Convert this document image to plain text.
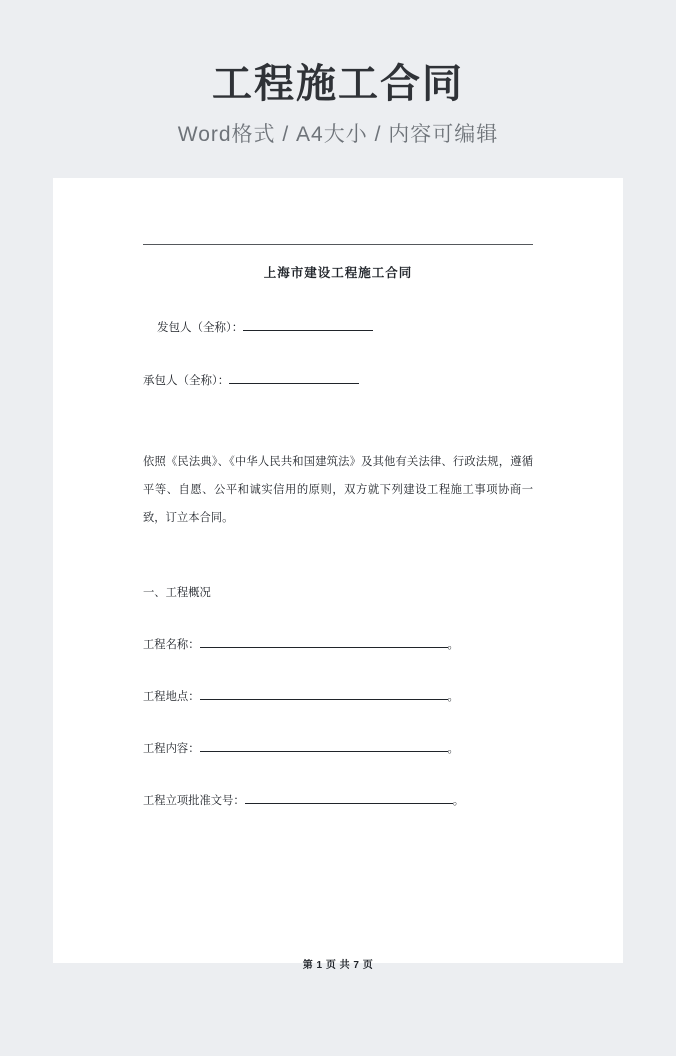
工程施工合同
Word格式 / A4大小 / 内容可编辑
上海市建设工程施工合同
发包人（全称）：
承包人（全称）：
依照《民法典》、《中华人民共和国建筑法》及其他有关法律、行政法规，遵循平等、自愿、公平和诚实信用的原则，双方就下列建设工程施工事项协商一致，订立本合同。
一、工程概况
工程名称：	。
工程地点：	。
工程内容：	。
工程立项批准文号：	。
第 1 页 共 7 页
